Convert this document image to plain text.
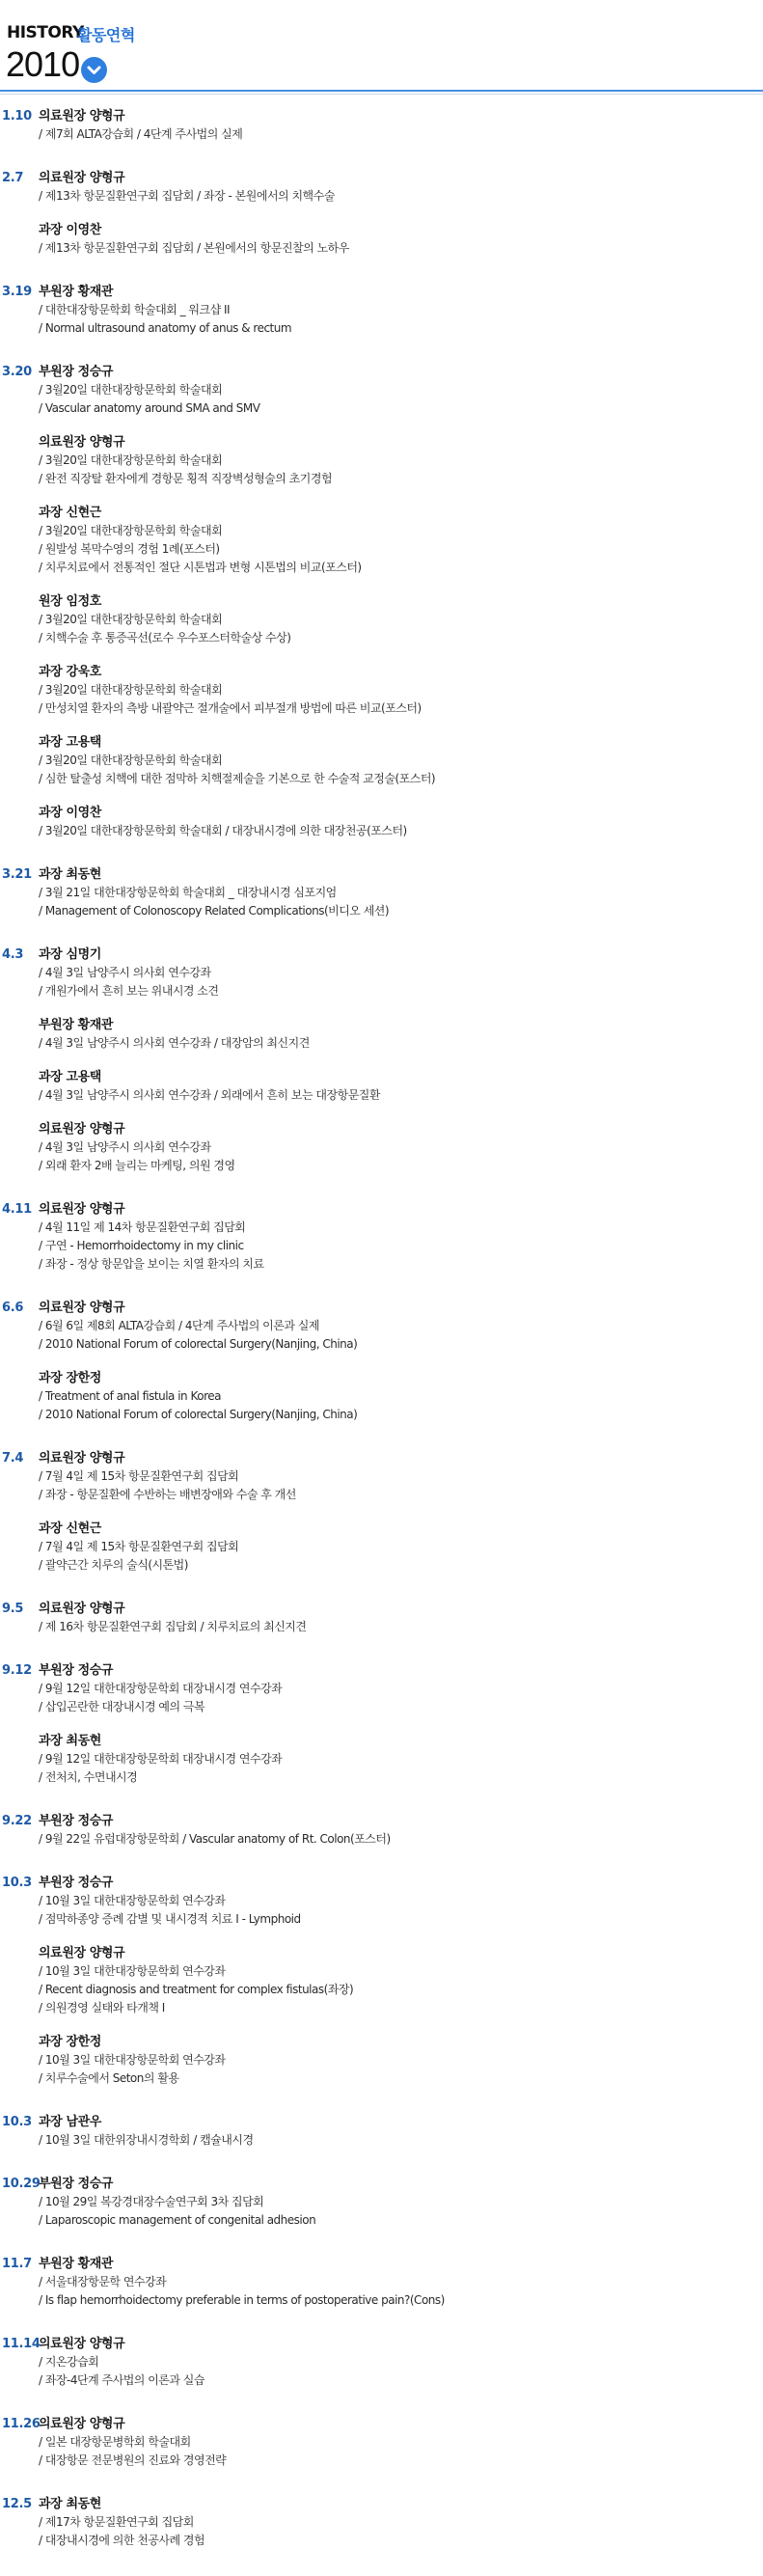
HISTORY
활동연혁
2010
1.10 의료원장 양형규
/ 제7회 ALTA강습회 / 4단계 주사법의 실제
2.7 의료원장 양형규
/ 제13차 항문질환연구회 집담회 / 좌장 - 본원에서의 치핵수술
과장 이영찬
/ 제13차 항문질환연구회 집담회 / 본원에서의 항문진찰의 노하우
3.19 부원장 황재관
/ 대한대장항문학회 학술대회 _ 워크샵 II
/ Normal ultrasound anatomy of anus & rectum
3.20 부원장 정승규
/ 3월20일 대한대장항문학회 학술대회
/ Vascular anatomy around SMA and SMV
의료원장 양형규
/ 3월20일 대한대장항문학회 학술대회
/ 완전 직장탈 환자에게 경항문 횡적 직장벽성형술의 초기경험
과장 신현근
/ 3월20일 대한대장항문학회 학술대회
/ 원발성 복막수영의 경험 1례(포스터)
/ 치루치료에서 전통적인 절단 시톤법과 변형 시톤법의 비교(포스터)
원장 임정호
/ 3월20일 대한대장항문학회 학술대회
/ 치핵수술 후 통증곡선(로수 우수포스터학술상 수상)
과장 강욱호
/ 3월20일 대한대장항문학회 학술대회
/ 만성치열 환자의 측방 내괄약근 절개술에서 피부절개 방법에 따른 비교(포스터)
과장 고용택
/ 3월20일 대한대장항문학회 학술대회
/ 심한 탈출성 치핵에 대한 점막하 치핵절제술을 기본으로 한 수술적 교정술(포스터)
과장 이영찬
/ 3월20일 대한대장항문학회 학술대회 / 대장내시경에 의한 대장천공(포스터)
3.21 과장 최동현
/ 3월 21일 대한대장항문학회 학술대회 _ 대장내시경 심포지엄
/ Management of Colonoscopy Related Complications(비디오 세션)
4.3 과장 심명기
/ 4월 3일 남양주시 의사회 연수강좌
/ 개원가에서 흔히 보는 위내시경 소견
부원장 황재관
/ 4월 3일 남양주시 의사회 연수강좌 / 대장암의 최신지견
과장 고용택
/ 4월 3일 남양주시 의사회 연수강좌 / 외래에서 흔히 보는 대장항문질환
의료원장 양형규
/ 4월 3일 남양주시 의사회 연수강좌
/ 외래 환자 2배 늘리는 마케팅, 의원 경영
4.11 의료원장 양형규
/ 4월 11일 제 14차 항문질환연구회 집담회
/ 구연 - Hemorrhoidectomy in my clinic
/ 좌장 - 정상 항문압을 보이는 치열 환자의 치료
6.6 의료원장 양형규
/ 6월 6일 제8회 ALTA강습회 / 4단계 주사법의 이론과 실제
/ 2010 National Forum of colorectal Surgery(Nanjing, China)
과장 장한정
/ Treatment of anal fistula in Korea
/ 2010 National Forum of colorectal Surgery(Nanjing, China)
7.4 의료원장 양형규
/ 7월 4일 제 15차 항문질환연구회 집담회
/ 좌장 - 항문질환에 수반하는 배변장애와 수술 후 개선
과장 신현근
/ 7월 4일 제 15차 항문질환연구회 집담회
/ 괄약근간 치루의 술식(시톤법)
9.5 의료원장 양형규
/ 제 16차 항문질환연구회 집담회 / 치루치료의 최신지견
9.12 부원장 정승규
/ 9월 12일 대한대장항문학회 대장내시경 연수강좌
/ 삽입곤란한 대장내시경 예의 극복
과장 최동현
/ 9월 12일 대한대장항문학회 대장내시경 연수강좌
/ 전처치, 수면내시경
9.22 부원장 정승규
/ 9월 22일 유럽대장항문학회 / Vascular anatomy of Rt. Colon(포스터)
10.3 부원장 정승규
/ 10월 3일 대한대장항문학회 연수강좌
/ 점막하종양 증례 감별 및 내시경적 치료 Ⅰ - Lymphoid
의료원장 양형규
/ 10월 3일 대한대장항문학회 연수강좌
/ Recent diagnosis and treatment for complex fistulas(좌장)
/ 의원경영 실태와 타개책 Ⅰ
과장 장한정
/ 10월 3일 대한대장항문학회 연수강좌
/ 치루수술에서 Seton의 활용
10.3 과장 남관우
/ 10월 3일 대한위장내시경학회 / 캡슐내시경
10.29
부원장 정승규
/ 10월 29일 복강경대장수술연구회 3차 집담회
/ Laparoscopic management of congenital adhesion
11.7 부원장 황재관
/ 서울대장항문학 연수강좌
/ Is flap hemorrhoidectomy preferable in terms of postoperative pain?(Cons)
11.14
의료원장 양형규
/ 지온강습회
/ 좌장-4단계 주사법의 이론과 실습
11.26
의료원장 양형규
/ 일본 대장항문병학회 학술대회
/ 대장항문 전문병원의 진료와 경영전략
12.5 과장 최동현
/ 제17차 항문질환연구회 집담회
/ 대장내시경에 의한 천공사례 경험
